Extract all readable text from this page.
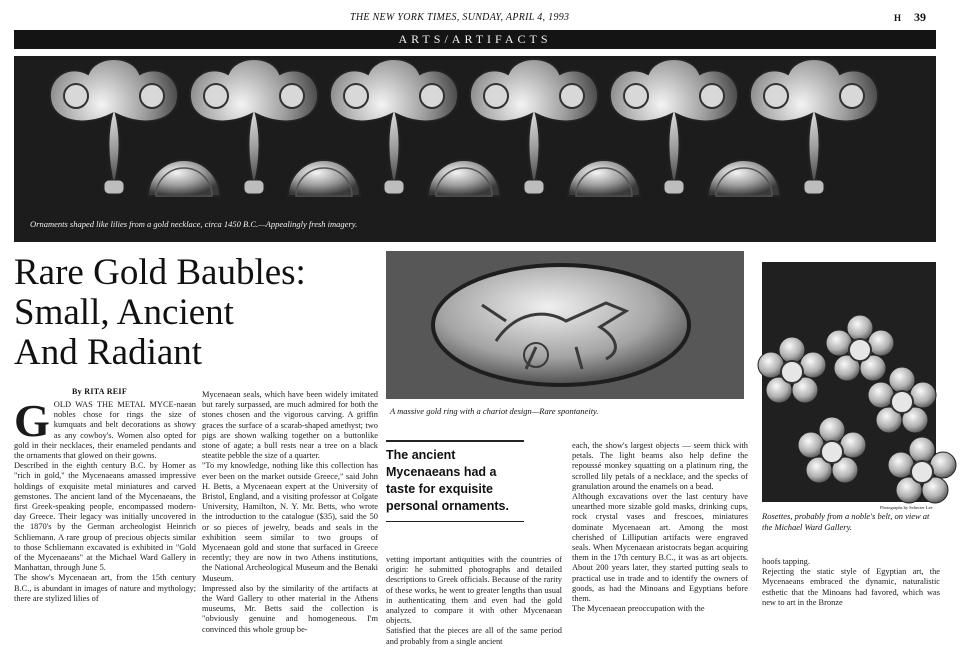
THE NEW YORK TIMES, SUNDAY, APRIL 4, 1993	H 39
ARTS/ARTIFACTS
Ornaments shaped like lilies from a gold necklace, circa 1450 B.C.—Appealingly fresh imagery.
Rare Gold Baubles:
Small, Ancient
And Radiant
By RITA REIF
G OLD WAS THE METAL MYCE-naean nobles chose for rings the size of kumquats and belt decorations as showy as any cowboy's. Women also opted for gold in their necklaces, their enameled pendants and the ornaments that glowed on their gowns.

Described in the eighth century B.C. by Homer as "rich in gold," the Mycenaeans amassed impressive holdings of exquisite metal miniatures and carved gemstones. The ancient land of the Mycenaeans, the first Greek-speaking people, encompassed modern-day Greece. Their legacy was initially uncovered in the 1870's by the German archeologist Heinrich Schliemann. A rare group of precious objects similar to those Schliemann excavated is exhibited in "Gold of the Mycenaeans" at the Michael Ward Gallery in Manhattan, through June 5.

The show's Mycenaean art, from the 15th century B.C., is abundant in images of nature and mythology; there are stylized lilies of

Mycenaean seals, which have been widely imitated but rarely surpassed, are much admired for both the stones chosen and the vigorous carving. A griffin graces the surface of a scarab-shaped amethyst; two pigs are shown walking together on a buttonlike stone of agate; a bull rests near a tree on a black steatite pebble the size of a quarter.

"To my knowledge, nothing like this collection has ever been on the market outside Greece," said John H. Betts, a Mycenaean expert at the University of Bristol, England, and a visiting professor at Colgate University, Hamilton, N. Y. Mr. Betts, who wrote the introduction to the catalogue ($35), said the 50 or so pieces of jewelry, beads and seals in the exhibition seem similar to two groups of Mycenaean gold and stone that surfaced in Greece recently; they are now in two Athens institutions, the National Archeological Museum and the Benaki Museum.

Impressed also by the similarity of the artifacts at the Ward Gallery to other material in the Athens museums, Mr. Betts said the collection is "obviously genuine and homogeneous. I'm convinced this whole group be-

A massive gold ring with a chariot design—Rare spontaneity.
The ancient Mycenaeans had a taste for exquisite personal ornaments.

vetting important antiquities with the countries of origin: he submitted photographs and detailed descriptions to Greek officials. Because of the rarity of these works, he went to greater lengths than usual in authenticating them and even had the gold analyzed to compare it with other Mycenaean objects.

Satisfied that the pieces are all of the same period and probably from a single ancient

each, the show's largest objects — seem thick with petals. The light beams also help define the repoussé monkey squatting on a platinum ring, the scrolled lily petals of a necklace, and the specks of granulation around the enamels on a bead.

Although excavations over the last century have unearthed more sizable gold masks, drinking cups, rock crystal vases and frescoes, miniatures dominate Mycenaean art. Among the most cherished of Lilliputian artifacts were engraved seals. When Mycenaean aristocrats began acquiring them in the 17th century B.C., it was as art objects. About 200 years later, they started putting seals to practical use in trade and to identify the owners of goods, as had the Minoans and Egyptians before them.

The Mycenaean preoccupation with the

Photographs by Schecter Lee
Rosettes, probably from a noble's belt, on view at the Michael Ward Gallery.

hoofs tapping.

Rejecting the static style of Egyptian art, the Mycenaeans embraced the dynamic, naturalistic esthetic that the Minoans had favored, which was new to art in the Bronze
